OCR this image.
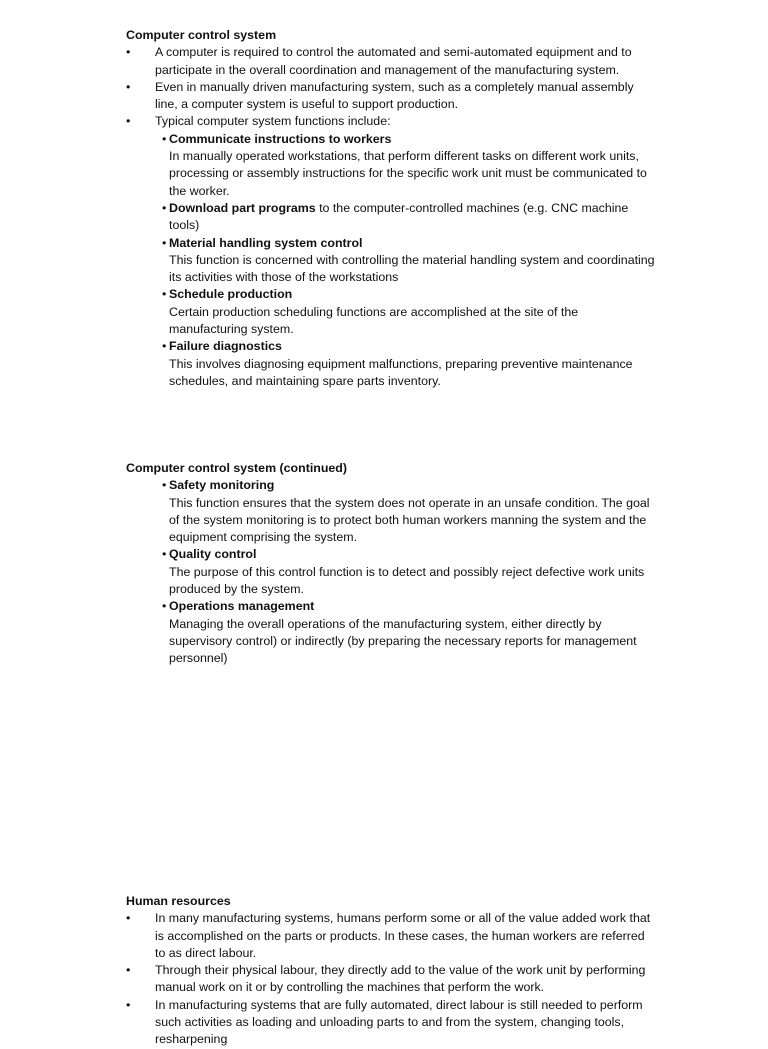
Computer control system
• A computer is required to control the automated and semi-automated equipment and to participate in the overall coordination and management of the manufacturing system.
• Even in manually driven manufacturing system, such as a completely manual assembly line, a computer system is useful to support production.
• Typical computer system functions include:
• Communicate instructions to workers
In manually operated workstations, that perform different tasks on different work units, processing or assembly instructions for the specific work unit must be communicated to the worker.
• Download part programs to the computer-controlled machines (e.g. CNC machine tools)
• Material handling system control
This function is concerned with controlling the material handling system and coordinating its activities with those of the workstations
• Schedule production
Certain production scheduling functions are accomplished at the site of the manufacturing system.
• Failure diagnostics
This involves diagnosing equipment malfunctions, preparing preventive maintenance schedules, and maintaining spare parts inventory.
Computer control system (continued)
• Safety monitoring
This function ensures that the system does not operate in an unsafe condition. The goal of the system monitoring is to protect both human workers manning the system and the equipment comprising the system.
• Quality control
The purpose of this control function is to detect and possibly reject defective work units produced by the system.
• Operations management
Managing the overall operations of the manufacturing system, either directly by supervisory control) or indirectly (by preparing the necessary reports for management personnel)
Human resources
• In many manufacturing systems, humans perform some or all of the value added work that is accomplished on the parts or products. In these cases, the human workers are referred to as direct labour.
• Through their physical labour, they directly add to the value of the work unit by performing manual work on it or by controlling the machines that perform the work.
• In manufacturing systems that are fully automated, direct labour is still needed to perform such activities as loading and unloading parts to and from the system, changing tools, resharpening
